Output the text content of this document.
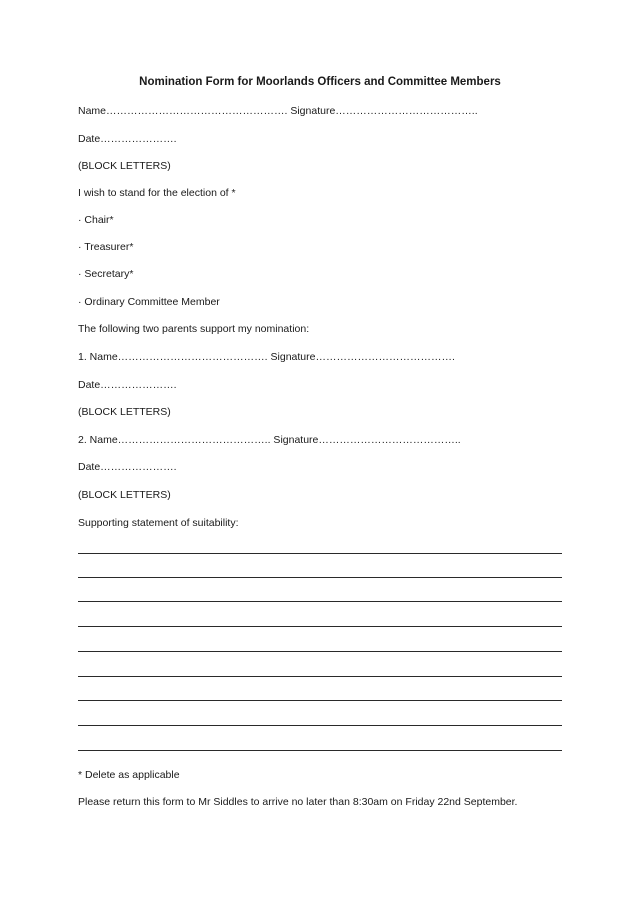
Nomination Form for Moorlands Officers and Committee Members

Name……………………………………………. Signature…………………………………..

Date………………….

(BLOCK LETTERS)

I wish to stand for the election of *

· Chair*

· Treasurer*

· Secretary*

· Ordinary Committee Member

The following two parents support my nomination:

1. Name……………………………………. Signature………………………………….

Date………………….

(BLOCK LETTERS)

2. Name…………………………………….. Signature…………………………………..

Date………………….

(BLOCK LETTERS)

Supporting statement of suitability:

* Delete as applicable

Please return this form to Mr Siddles to arrive no later than 8:30am on Friday 22nd September.
